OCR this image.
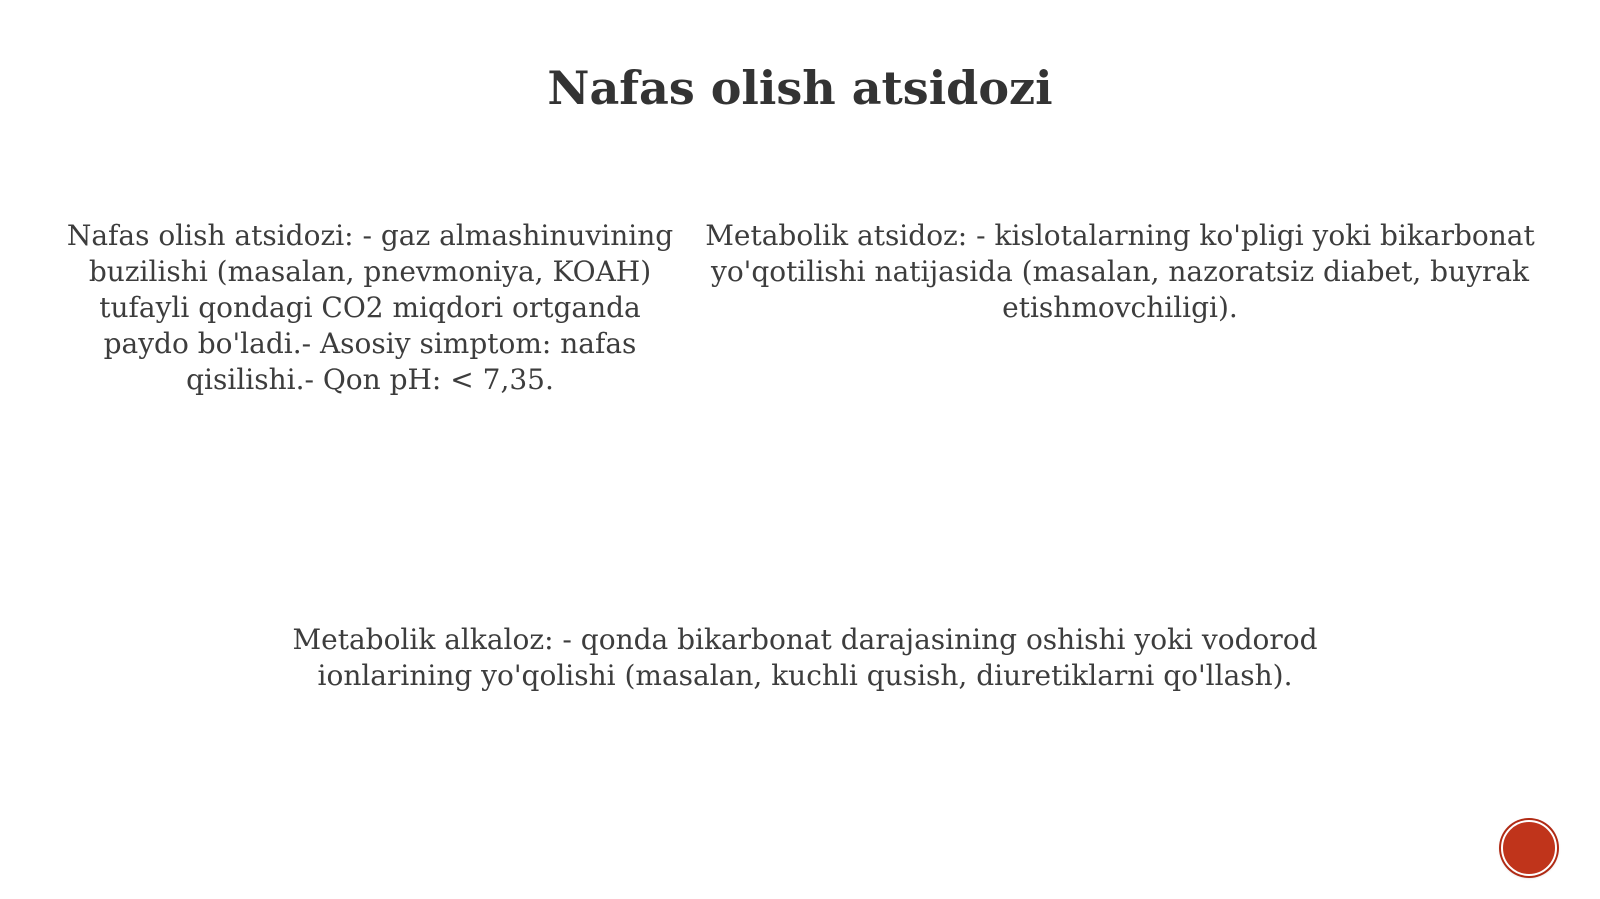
Nafas olish atsidozi

Nafas olish atsidozi: - gaz almashinuvining buzilishi (masalan, pnevmoniya, KOAH) tufayli qondagi CO2 miqdori ortganda paydo bo'ladi.- Asosiy simptom: nafas qisilishi.- Qon pH: < 7,35.

Metabolik atsidoz: - kislotalarning ko'pligi yoki bikarbonat yo'qotilishi natijasida (masalan, nazoratsiz diabet, buyrak etishmovchiligi).

Metabolik alkaloz: - qonda bikarbonat darajasining oshishi yoki vodorod ionlarining yo'qolishi (masalan, kuchli qusish, diuretiklarni qo'llash).
